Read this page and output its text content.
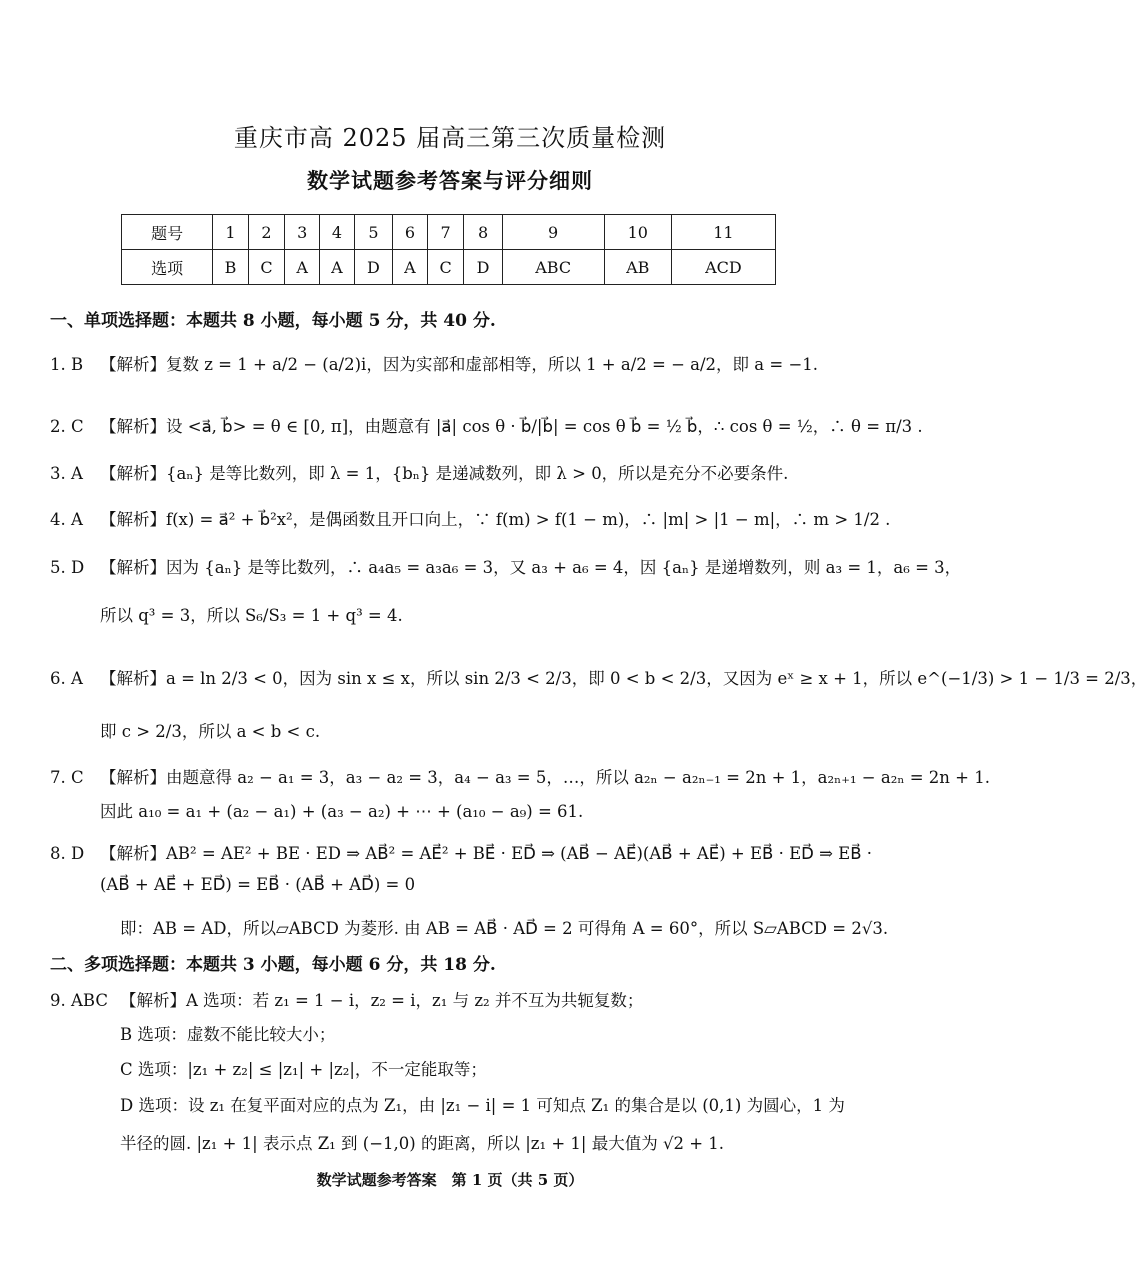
重庆市高 2025 届高三第三次质量检测
数学试题参考答案与评分细则
题号	1	2	3	4	5	6	7	8	9	10	11
选项	B	C	A	A	D	A	C	D	ABC	AB	ACD
一、单项选择题：本题共 8 小题，每小题 5 分，共 40 分.
1. B 【解析】复数 z = 1 + a/2 − (a/2)i，因为实部和虚部相等，所以 1 + a/2 = − a/2，即 a = −1.
2. C 【解析】设 <a⃗, b⃗> = θ ∈ [0, π]，由题意有 |a⃗| cos θ · b⃗/|b⃗| = cos θ b⃗ = ½ b⃗，∴ cos θ = ½，∴ θ = π/3 .
3. A 【解析】{aₙ} 是等比数列，即 λ = 1，{bₙ} 是递减数列，即 λ > 0，所以是充分不必要条件.
4. A 【解析】f(x) = a⃗² + b⃗²x²，是偶函数且开口向上，∵ f(m) > f(1 − m)，∴ |m| > |1 − m|，∴ m > 1/2 .
5. D 【解析】因为 {aₙ} 是等比数列，∴ a₄a₅ = a₃a₆ = 3，又 a₃ + a₆ = 4，因 {aₙ} 是递增数列，则 a₃ = 1，a₆ = 3，
所以 q³ = 3，所以 S₆/S₃ = 1 + q³ = 4.
6. A 【解析】a = ln 2/3 < 0，因为 sin x ≤ x，所以 sin 2/3 < 2/3，即 0 < b < 2/3，又因为 eˣ ≥ x + 1，所以 e^(−1/3) > 1 − 1/3 = 2/3，
即 c > 2/3，所以 a < b < c.
7. C 【解析】由题意得 a₂ − a₁ = 3，a₃ − a₂ = 3，a₄ − a₃ = 5，…，所以 a₂ₙ − a₂ₙ₋₁ = 2n + 1，a₂ₙ₊₁ − a₂ₙ = 2n + 1.
因此 a₁₀ = a₁ + (a₂ − a₁) + (a₃ − a₂) + ⋯ + (a₁₀ − a₉) = 61.
8. D 【解析】AB² = AE² + BE · ED ⇒ AB⃗² = AE⃗² + BE⃗ · ED⃗ ⇒ (AB⃗ − AE⃗)(AB⃗ + AE⃗) + EB⃗ · ED⃗ ⇒ EB⃗ ·
(AB⃗ + AE⃗ + ED⃗) = EB⃗ · (AB⃗ + AD⃗) = 0
即：AB = AD，所以▱ABCD 为菱形. 由 AB = AB⃗ · AD⃗ = 2 可得角 A = 60°，所以 S▱ABCD = 2√3.
二、多项选择题：本题共 3 小题，每小题 6 分，共 18 分.
9. ABC 【解析】A 选项：若 z₁ = 1 − i，z₂ = i，z₁ 与 z₂ 并不互为共轭复数；
B 选项：虚数不能比较大小；
C 选项：|z₁ + z₂| ≤ |z₁| + |z₂|，不一定能取等；
D 选项：设 z₁ 在复平面对应的点为 Z₁，由 |z₁ − i| = 1 可知点 Z₁ 的集合是以 (0,1) 为圆心，1 为
半径的圆. |z₁ + 1| 表示点 Z₁ 到 (−1,0) 的距离，所以 |z₁ + 1| 最大值为 √2 + 1.
数学试题参考答案　第 1 页（共 5 页）
